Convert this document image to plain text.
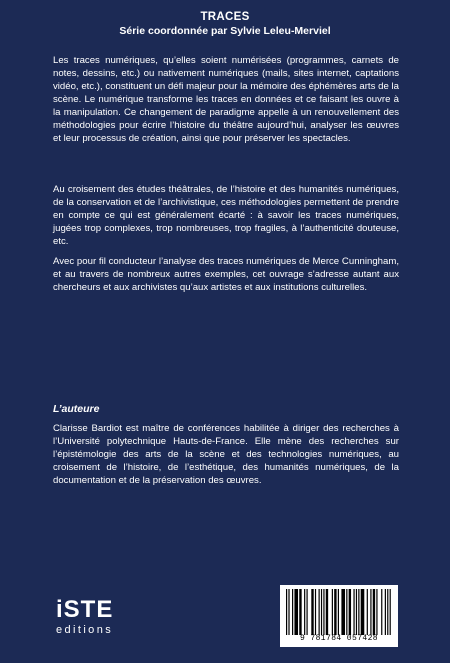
TRACES
Série coordonnée par Sylvie Leleu-Merviel

Les traces numériques, qu’elles soient numérisées (programmes, carnets de notes, dessins, etc.) ou nativement numériques (mails, sites internet, captations vidéo, etc.), constituent un défi majeur pour la mémoire des éphémères arts de la scène. Le numérique transforme les traces en données et ce faisant les ouvre à la manipulation. Ce changement de paradigme appelle à un renouvellement des méthodologies pour écrire l’histoire du théâtre aujourd’hui, analyser les œuvres et leur processus de création, ainsi que pour préserver les spectacles.

Au croisement des études théâtrales, de l’histoire et des humanités numériques, de la conservation et de l’archivistique, ces méthodologies permettent de prendre en compte ce qui est généralement écarté : à savoir les traces numériques, jugées trop complexes, trop nombreuses, trop fragiles, à l’authenticité douteuse, etc.

Avec pour fil conducteur l’analyse des traces numériques de Merce Cunningham, et au travers de nombreux autres exemples, cet ouvrage s’adresse autant aux chercheurs et aux archivistes qu’aux artistes et aux institutions culturelles.

L’auteure

Clarisse Bardiot est maître de conférences habilitée à diriger des recherches à l’Université polytechnique Hauts-de-France. Elle mène des recherches sur l’épistémologie des arts de la scène et des technologies numériques, au croisement de l’histoire, de l’esthétique, des humanités numériques, de la documentation et de la préservation des œuvres.

iSTE
editions
9 781784 057428
